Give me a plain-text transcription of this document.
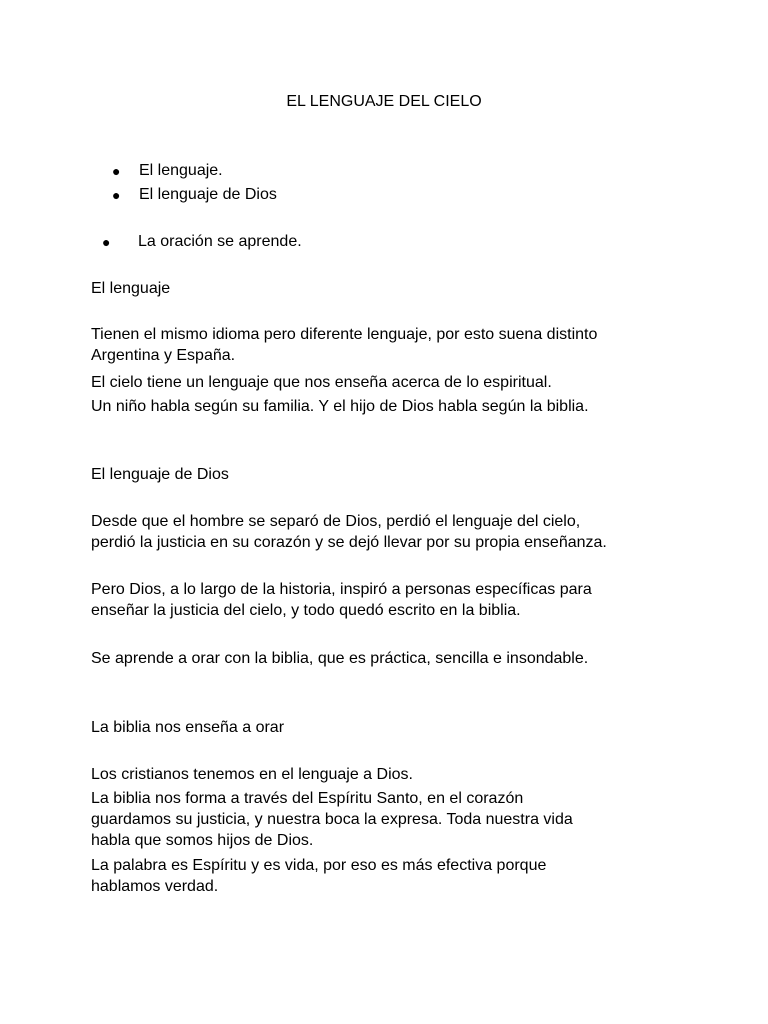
EL LENGUAJE DEL CIELO
● El lenguaje.
● El lenguaje de Dios
● La oración se aprende.
El lenguaje

Tienen el mismo idioma pero diferente lenguaje, por esto suena distinto
Argentina y España.

El cielo tiene un lenguaje que nos enseña acerca de lo espiritual.

Un niño habla según su familia. Y el hijo de Dios habla según la biblia.

El lenguaje de Dios

Desde que el hombre se separó de Dios, perdió el lenguaje del cielo,
perdió la justicia en su corazón y se dejó llevar por su propia enseñanza.

Pero Dios, a lo largo de la historia, inspiró a personas específicas para
enseñar la justicia del cielo, y todo quedó escrito en la biblia.

Se aprende a orar con la biblia, que es práctica, sencilla e insondable.

La biblia nos enseña a orar

Los cristianos tenemos en el lenguaje a Dios.

La biblia nos forma a través del Espíritu Santo, en el corazón
guardamos su justicia, y nuestra boca la expresa. Toda nuestra vida
habla que somos hijos de Dios.

La palabra es Espíritu y es vida, por eso es más efectiva porque
hablamos verdad.
